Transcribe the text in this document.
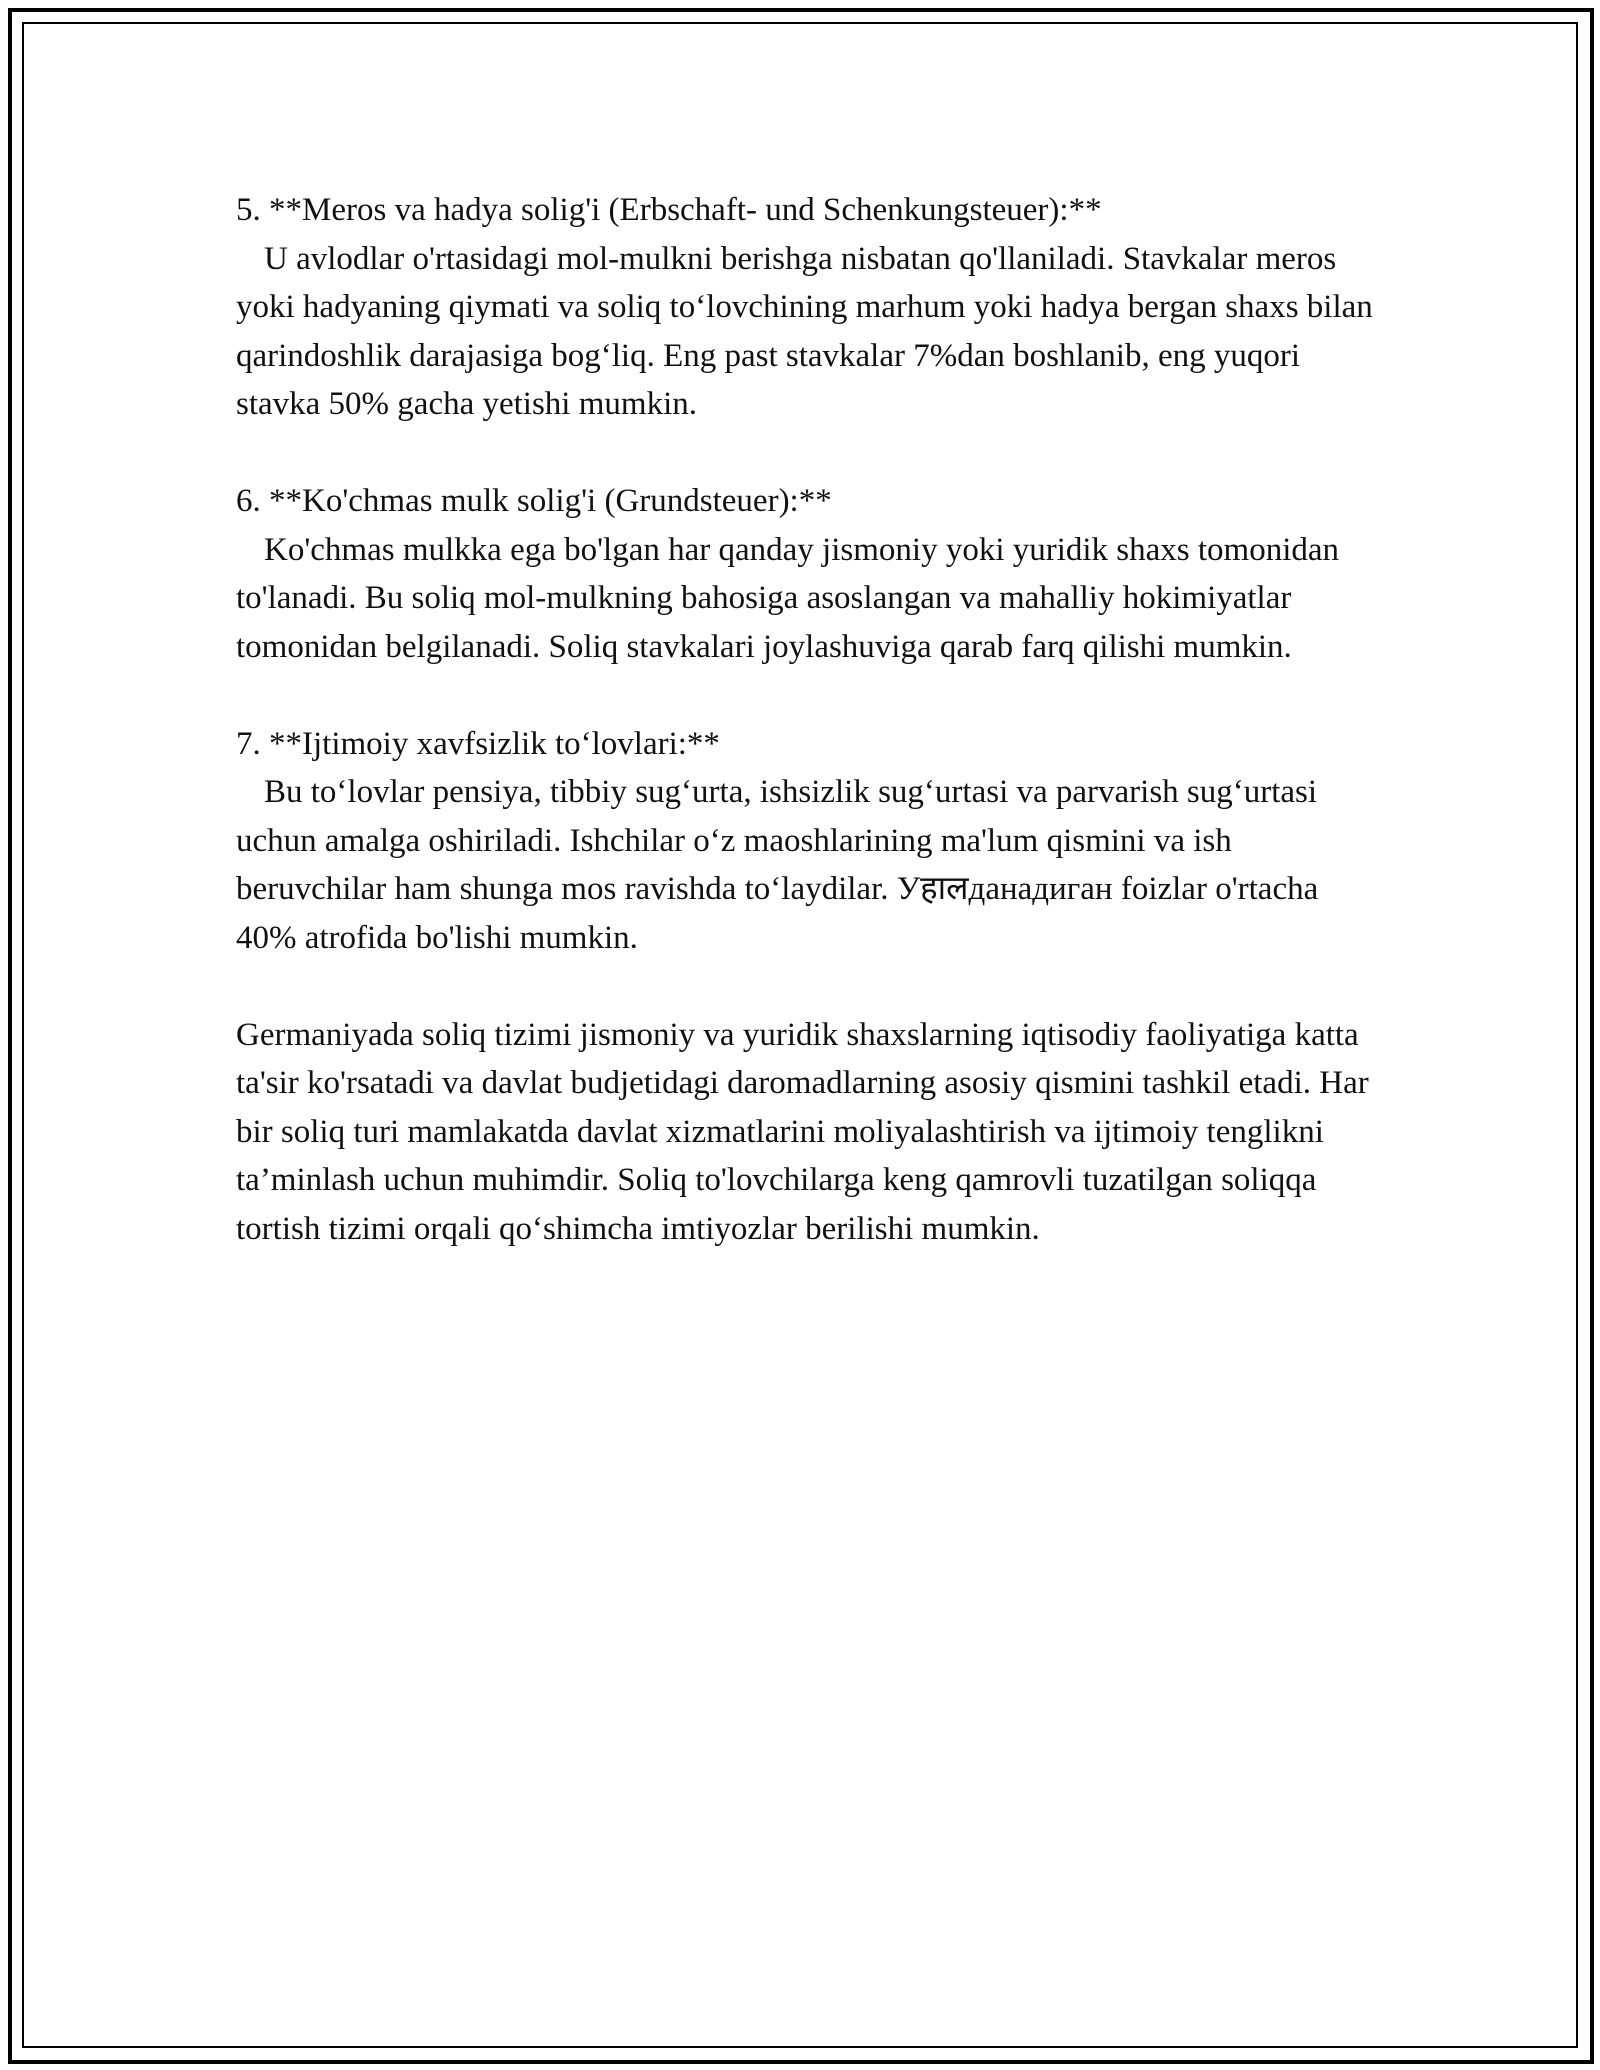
5. **Meros va hadya solig'i (Erbschaft- und Schenkungsteuer):**
U avlodlar o'rtasidagi mol-mulkni berishga nisbatan qo'llaniladi. Stavkalar meros yoki hadyaning qiymati va soliq to‘lovchining marhum yoki hadya bergan shaxs bilan qarindoshlik darajasiga bog‘liq. Eng past stavkalar 7%dan boshlanib, eng yuqori stavka 50% gacha yetishi mumkin.
6. **Ko'chmas mulk solig'i (Grundsteuer):**
Ko'chmas mulkka ega bo'lgan har qanday jismoniy yoki yuridik shaxs tomonidan to'lanadi. Bu soliq mol-mulkning bahosiga asoslangan va mahalliy hokimiyatlar tomonidan belgilanadi. Soliq stavkalari joylashuviga qarab farq qilishi mumkin.
7. **Ijtimoiy xavfsizlik to‘lovlari:**
Bu to‘lovlar pensiya, tibbiy sug‘urta, ishsizlik sug‘urtasi va parvarish sug‘urtasi uchun amalga oshiriladi. Ishchilar o‘z maoshlarining ma'lum qismini va ish beruvchilar ham shunga mos ravishda to‘laydilar. Уहालданадиган foizlar o'rtacha 40% atrofida bo'lishi mumkin.

Germaniyada soliq tizimi jismoniy va yuridik shaxslarning iqtisodiy faoliyatiga katta ta'sir ko'rsatadi va davlat budjetidagi daromadlarning asosiy qismini tashkil etadi. Har bir soliq turi mamlakatda davlat xizmatlarini moliyalashtirish va ijtimoiy tenglikni ta’minlash uchun muhimdir. Soliq to'lovchilarga keng qamrovli tuzatilgan soliqqa tortish tizimi orqali qo‘shimcha imtiyozlar berilishi mumkin.
